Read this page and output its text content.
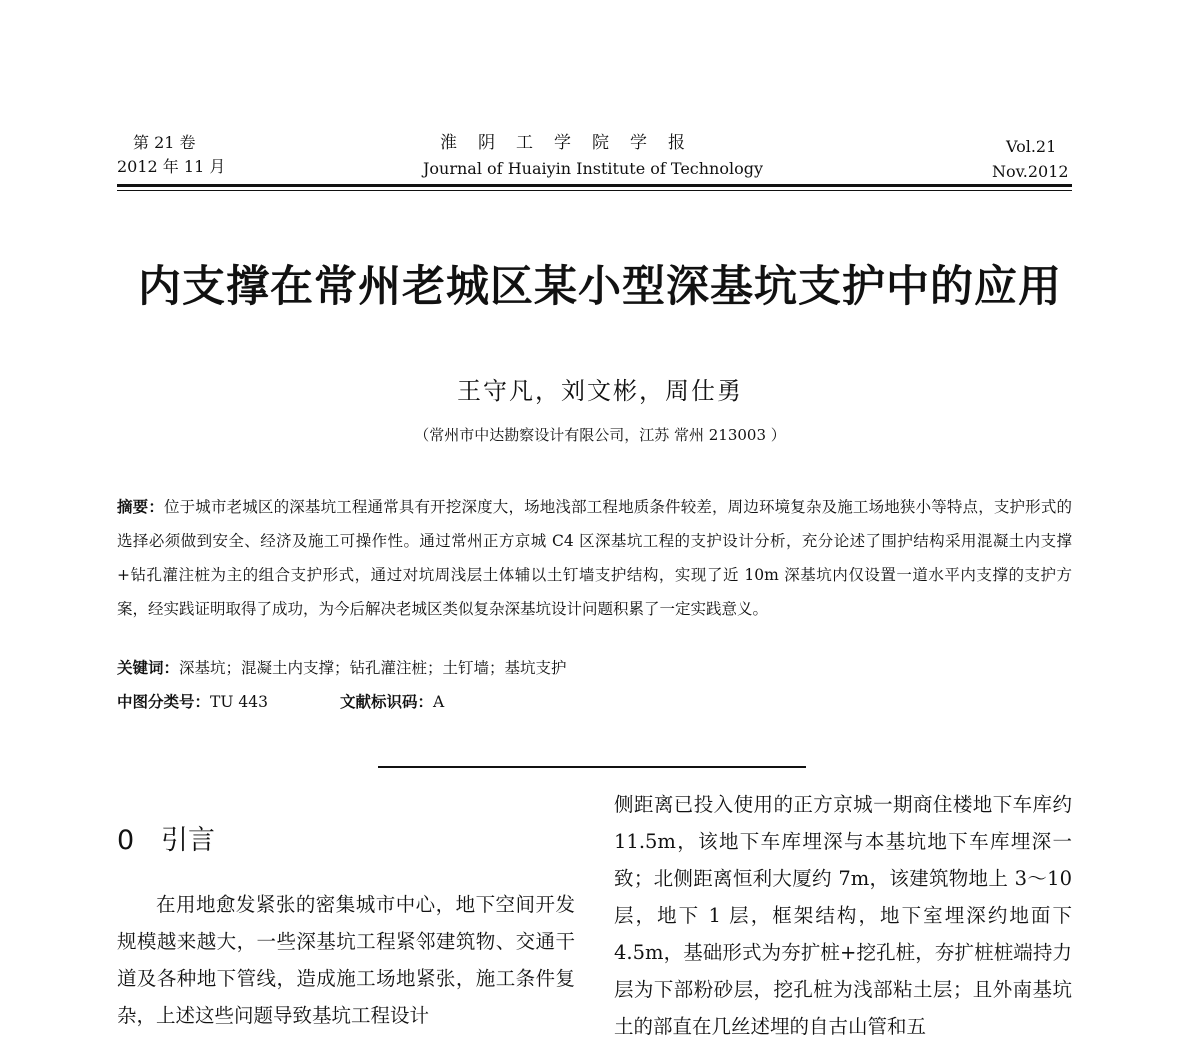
第 21 卷
2012 年 11 月
淮阴工学院学报
Journal of Huaiyin Institute of Technology
Vol.21
Nov.2012
内支撑在常州老城区某小型深基坑支护中的应用
王守凡，刘文彬，周仕勇
（常州市中达勘察设计有限公司，江苏 常州 213003 ）
摘要：位于城市老城区的深基坑工程通常具有开挖深度大，场地浅部工程地质条件较差，周边环境复杂及施工场地狭小等特点，支护形式的选择必须做到安全、经济及施工可操作性。通过常州正方京城 C4 区深基坑工程的支护设计分析，充分论述了围护结构采用混凝土内支撑+钻孔灌注桩为主的组合支护形式，通过对坑周浅层土体辅以土钉墙支护结构，实现了近 10m 深基坑内仅设置一道水平内支撑的支护方案，经实践证明取得了成功，为今后解决老城区类似复杂深基坑设计问题积累了一定实践意义。
关键词：深基坑；混凝土内支撑；钻孔灌注桩；土钉墙；基坑支护
中图分类号：TU 443	文献标识码：A
0 引言
在用地愈发紧张的密集城市中心，地下空间开发规模越来越大，一些深基坑工程紧邻建筑物、交通干道及各种地下管线，造成施工场地紧张，施工条件复杂，上述这些问题导致基坑工程设计
侧距离已投入使用的正方京城一期商住楼地下车库约 11.5m，该地下车库埋深与本基坑地下车库埋深一致；北侧距离恒利大厦约 7m，该建筑物地上 3～10 层，地下 1 层，框架结构，地下室埋深约地面下 4.5m，基础形式为夯扩桩+挖孔桩，夯扩桩桩端持力层为下部粉砂层，挖孔桩为浅部粘土层；且外南基坑土的部直在几丝述埋的自古山管和五
